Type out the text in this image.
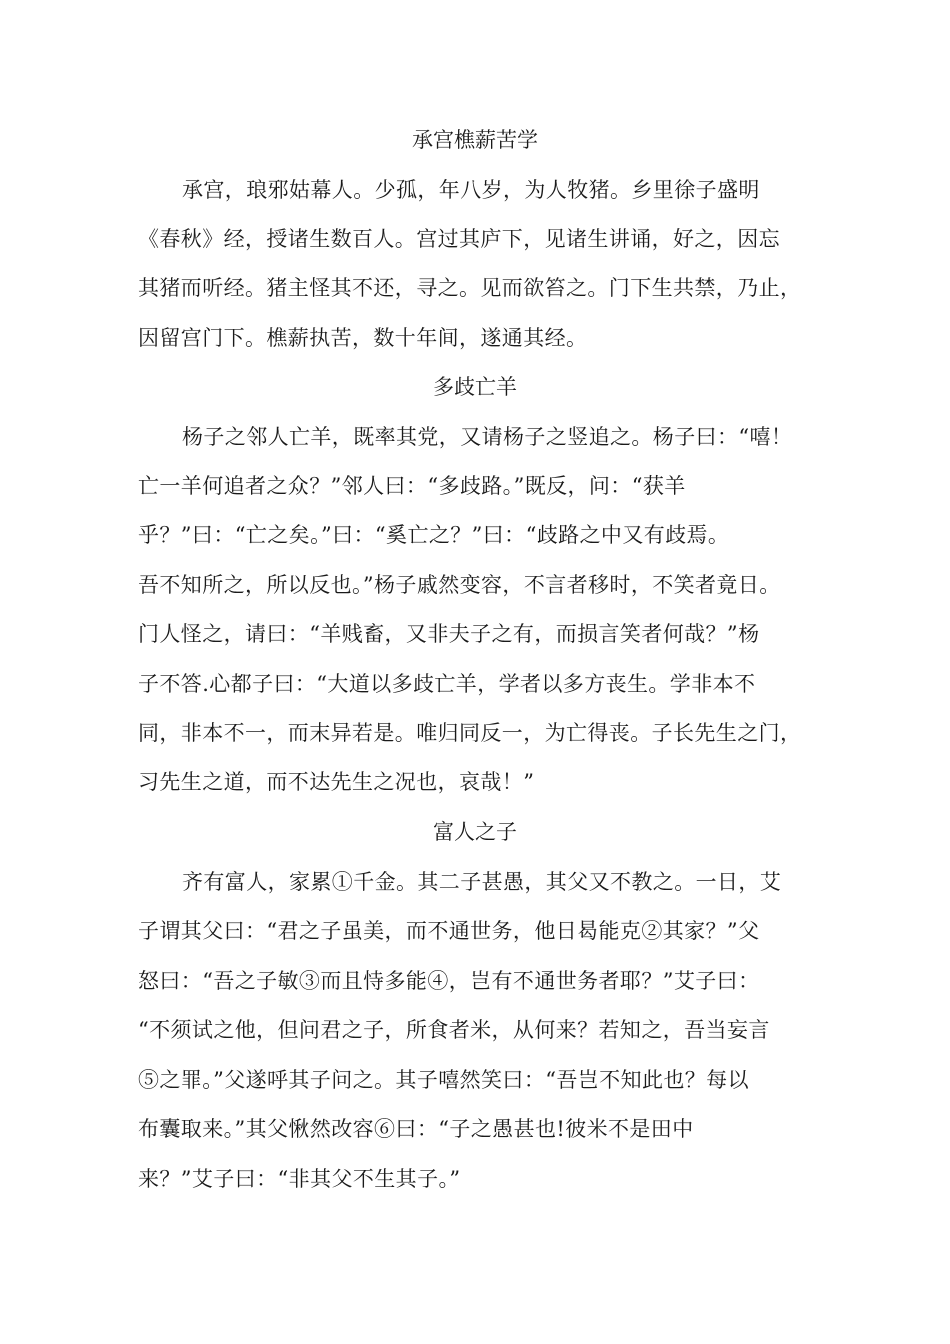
承宫樵薪苦学
承宫，琅邪姑幕人。少孤，年八岁，为人牧猪。乡里徐子盛明
《春秋》经，授诸生数百人。宫过其庐下，见诸生讲诵，好之，因忘
其猪而听经。猪主怪其不还，寻之。见而欲笞之。门下生共禁，乃止，
因留宫门下。樵薪执苦，数十年间，遂通其经。
多歧亡羊
杨子之邻人亡羊，既率其党，又请杨子之竖追之。杨子曰：“嘻！
亡一羊何追者之众？”邻人曰：“多歧路。”既反，问：“获羊
乎？”曰：“亡之矣。”曰：“奚亡之？”曰：“歧路之中又有歧焉。
吾不知所之，所以反也。”杨子戚然变容，不言者移时，不笑者竟日。
门人怪之，请曰：“羊贱畜，又非夫子之有，而损言笑者何哉？”杨
子不答.心都子曰：“大道以多歧亡羊，学者以多方丧生。学非本不
同，非本不一，而末异若是。唯归同反一，为亡得丧。子长先生之门，
习先生之道，而不达先生之况也，哀哉！”
富人之子
齐有富人，家累①千金。其二子甚愚，其父又不教之。一日，艾
子谓其父曰：“君之子虽美，而不通世务，他日曷能克②其家？”父
怒曰：“吾之子敏③而且恃多能④，岂有不通世务者耶？”艾子曰：
“不须试之他，但问君之子，所食者米，从何来？若知之，吾当妄言
⑤之罪。”父遂呼其子问之。其子嘻然笑曰：“吾岂不知此也？每以
布囊取来。”其父愀然改容⑥曰：“子之愚甚也!彼米不是田中
来？”艾子曰：“非其父不生其子。”
